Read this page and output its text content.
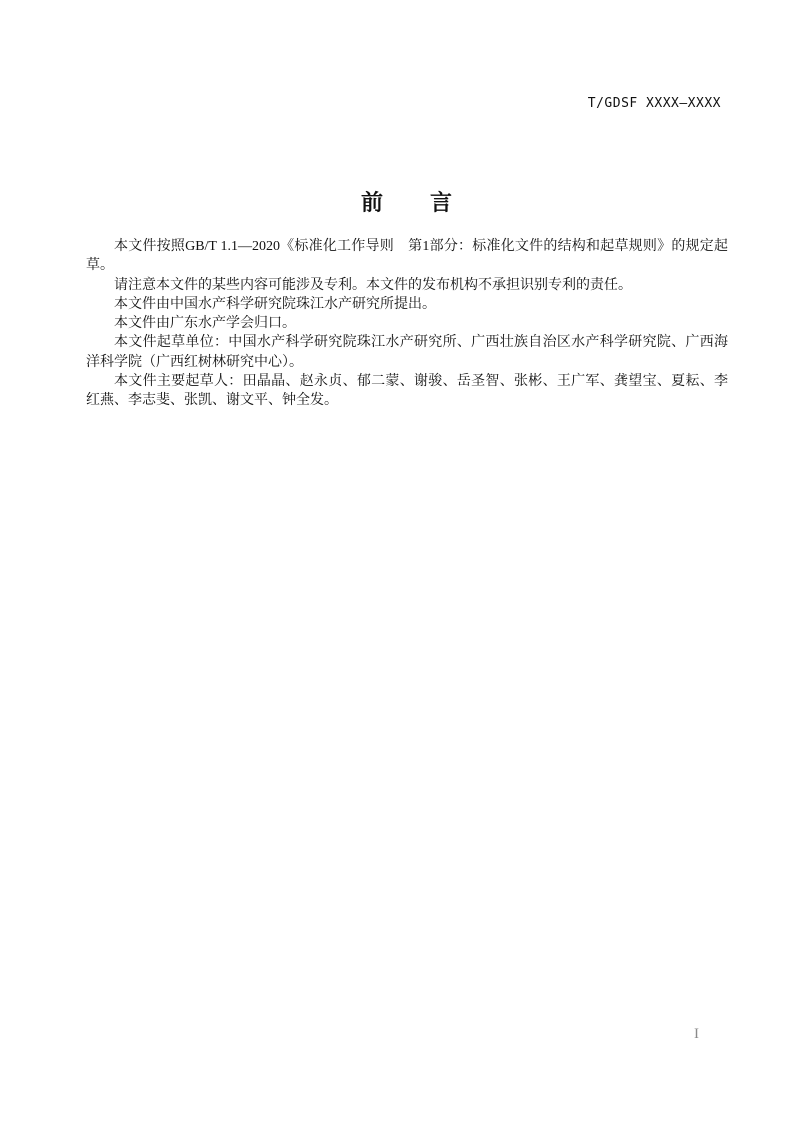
T/GDSF XXXX—XXXX
前　　言

本文件按照GB/T 1.1—2020《标准化工作导则　第1部分：标准化文件的结构和起草规则》的规定起草。

请注意本文件的某些内容可能涉及专利。本文件的发布机构不承担识别专利的责任。

本文件由中国水产科学研究院珠江水产研究所提出。

本文件由广东水产学会归口。

本文件起草单位：中国水产科学研究院珠江水产研究所、广西壮族自治区水产科学研究院、广西海洋科学院（广西红树林研究中心）。

本文件主要起草人：田晶晶、赵永贞、郁二蒙、谢骏、岳圣智、张彬、王广军、龚望宝、夏耘、李红燕、李志斐、张凯、谢文平、钟全发。

I
